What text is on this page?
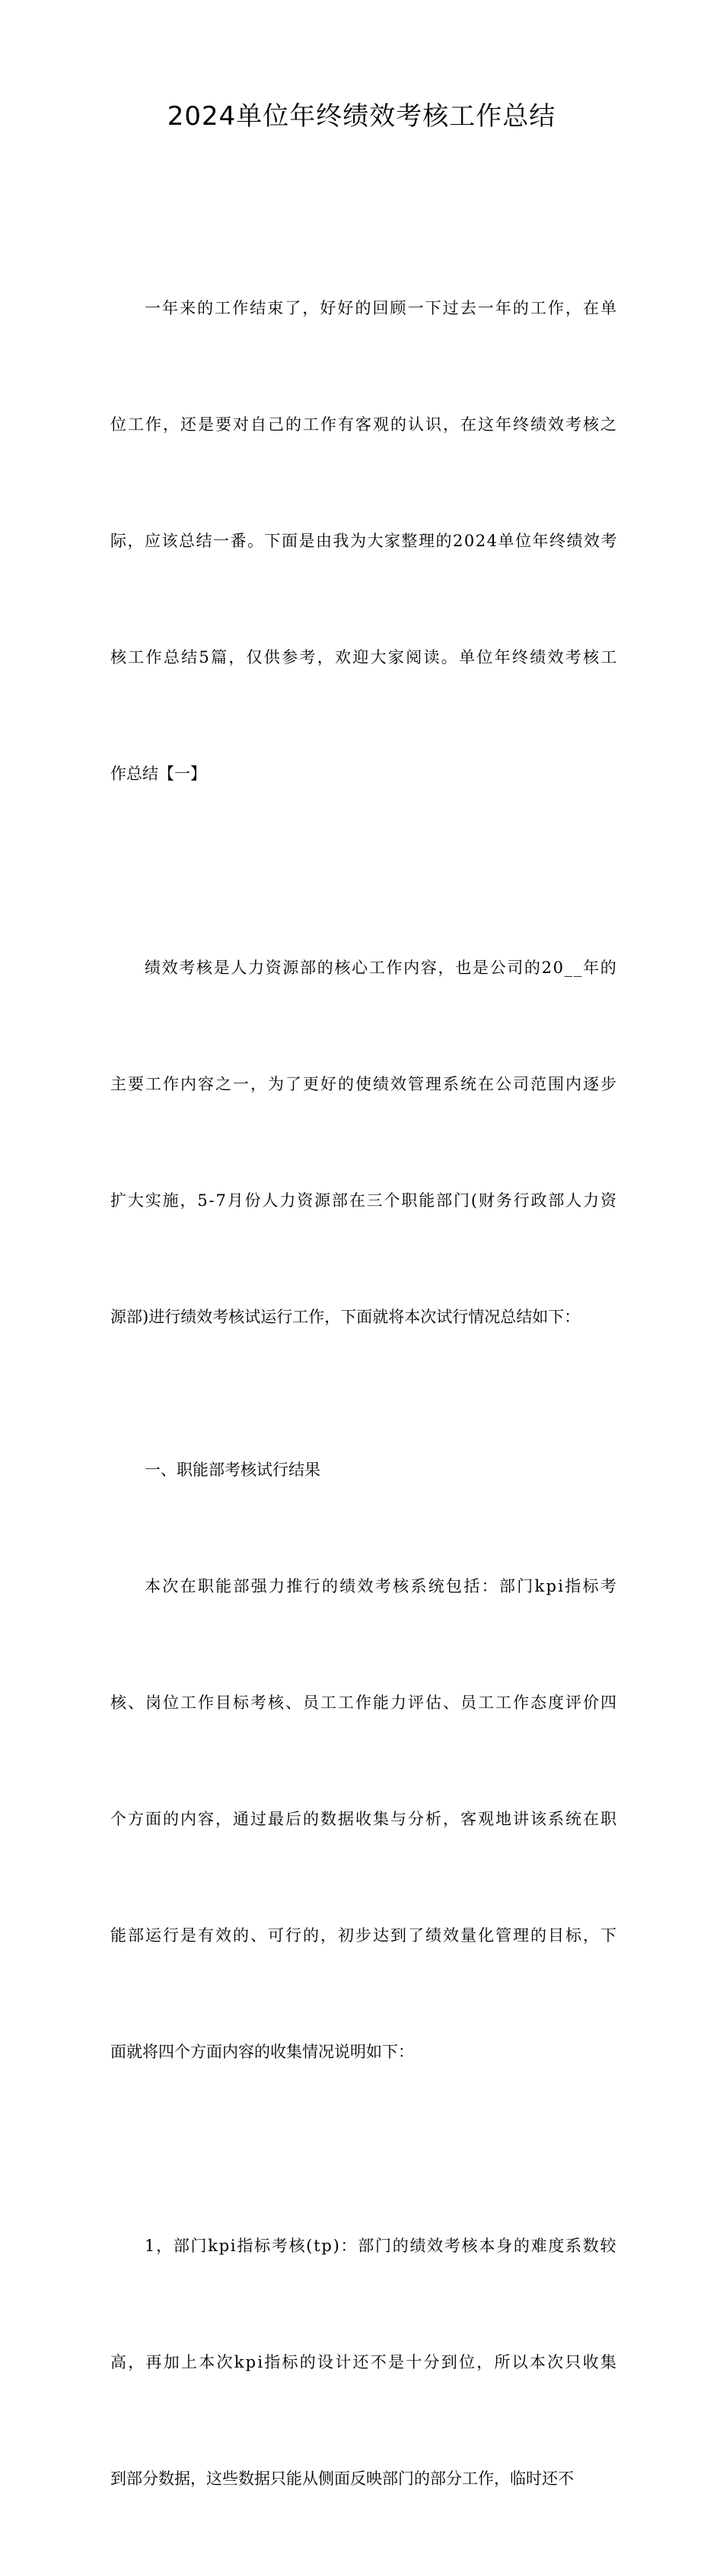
2024单位年终绩效考核工作总结

一年来的工作结束了，好好的回顾一下过去一年的工作，在单

位工作，还是要对自己的工作有客观的认识，在这年终绩效考核之

际，应该总结一番。下面是由我为大家整理的2024单位年终绩效考

核工作总结5篇，仅供参考，欢迎大家阅读。单位年终绩效考核工

作总结【一】

绩效考核是人力资源部的核心工作内容，也是公司的20__年的

主要工作内容之一，为了更好的使绩效管理系统在公司范围内逐步

扩大实施，5-7月份人力资源部在三个职能部门(财务行政部人力资

源部)进行绩效考核试运行工作，下面就将本次试行情况总结如下：

一、职能部考核试行结果

本次在职能部强力推行的绩效考核系统包括：部门kpi指标考

核、岗位工作目标考核、员工工作能力评估、员工工作态度评价四

个方面的内容，通过最后的数据收集与分析，客观地讲该系统在职

能部运行是有效的、可行的，初步达到了绩效量化管理的目标，下

面就将四个方面内容的收集情况说明如下：

1，部门kpi指标考核(tp)：部门的绩效考核本身的难度系数较

高，再加上本次kpi指标的设计还不是十分到位，所以本次只收集

到部分数据，这些数据只能从侧面反映部门的部分工作，临时还不
